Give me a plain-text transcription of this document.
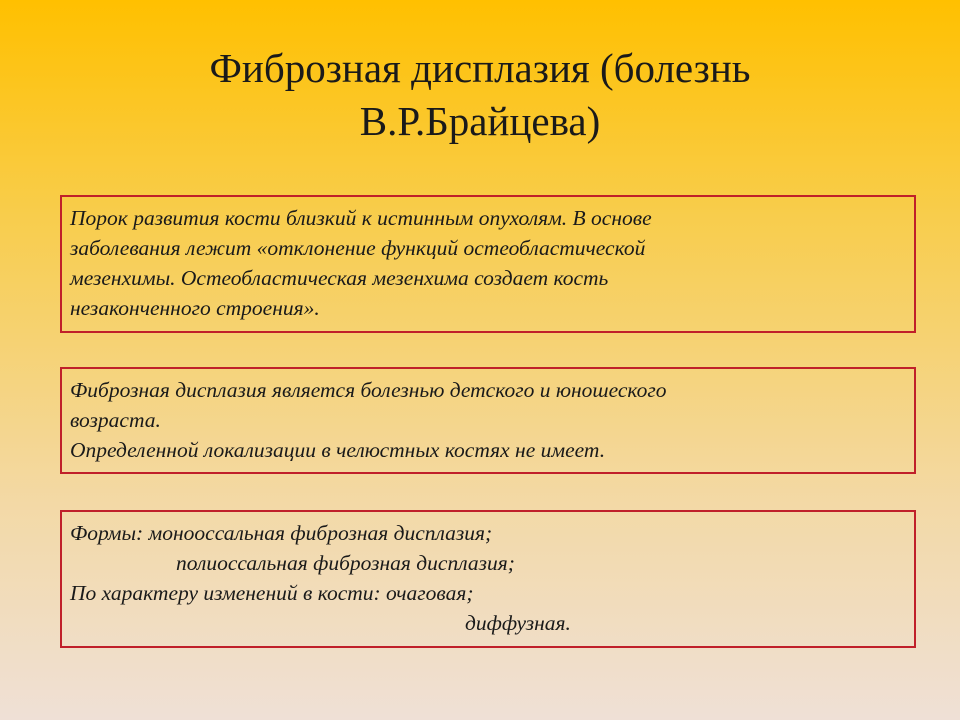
Фиброзная дисплазия (болезнь
В.Р.Брайцева)
Порок развития кости близкий к истинным опухолям. В основе
заболевания лежит «отклонение функций остеобластической
мезенхимы. Остеобластическая мезенхима создает кость
незаконченного строения».
Фиброзная дисплазия является болезнью детского и юношеского
возраста.
Определенной локализации в челюстных костях не имеет.
Формы: монооссальная фиброзная дисплазия;
полиоссальная фиброзная дисплазия;
По характеру изменений в кости: очаговая;
диффузная.
